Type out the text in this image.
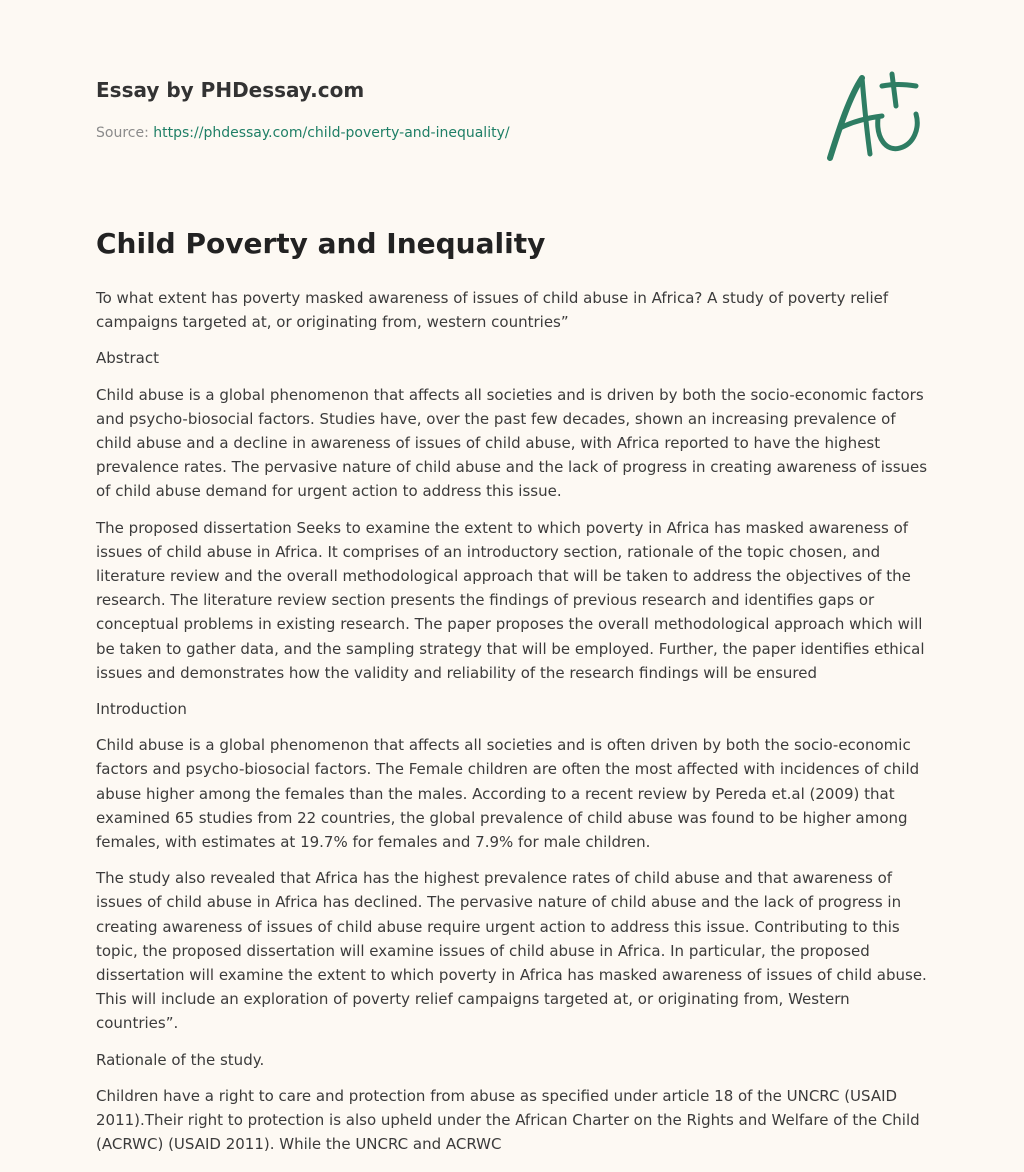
Essay by PHDessay.com
Source: https://phdessay.com/child-poverty-and-inequality/
Child Poverty and Inequality

To what extent has poverty masked awareness of issues of child abuse in Africa? A study of poverty relief campaigns targeted at, or originating from, western countries”

Abstract

Child abuse is a global phenomenon that affects all societies and is driven by both the socio-economic factors and psycho-biosocial factors. Studies have, over the past few decades, shown an increasing prevalence of child abuse and a decline in awareness of issues of child abuse, with Africa reported to have the highest prevalence rates. The pervasive nature of child abuse and the lack of progress in creating awareness of issues of child abuse demand for urgent action to address this issue.

The proposed dissertation Seeks to examine the extent to which poverty in Africa has masked awareness of issues of child abuse in Africa. It comprises of an introductory section, rationale of the topic chosen, and literature review and the overall methodological approach that will be taken to address the objectives of the research. The literature review section presents the findings of previous research and identifies gaps or conceptual problems in existing research. The paper proposes the overall methodological approach which will be taken to gather data, and the sampling strategy that will be employed. Further, the paper identifies ethical issues and demonstrates how the validity and reliability of the research findings will be ensured

Introduction

Child abuse is a global phenomenon that affects all societies and is often driven by both the socio-economic factors and psycho-biosocial factors. The Female children are often the most affected with incidences of child abuse higher among the females than the males. According to a recent review by Pereda et.al (2009) that examined 65 studies from 22 countries, the global prevalence of child abuse was found to be higher among females, with estimates at 19.7% for females and 7.9% for male children.

The study also revealed that Africa has the highest prevalence rates of child abuse and that awareness of issues of child abuse in Africa has declined. The pervasive nature of child abuse and the lack of progress in creating awareness of issues of child abuse require urgent action to address this issue. Contributing to this topic, the proposed dissertation will examine issues of child abuse in Africa. In particular, the proposed dissertation will examine the extent to which poverty in Africa has masked awareness of issues of child abuse. This will include an exploration of poverty relief campaigns targeted at, or originating from, Western countries”.

Rationale of the study.

Children have a right to care and protection from abuse as specified under article 18 of the UNCRC (USAID 2011).Their right to protection is also upheld under the African Charter on the Rights and Welfare of the Child (ACRWC) (USAID 2011). While the UNCRC and ACRWC
